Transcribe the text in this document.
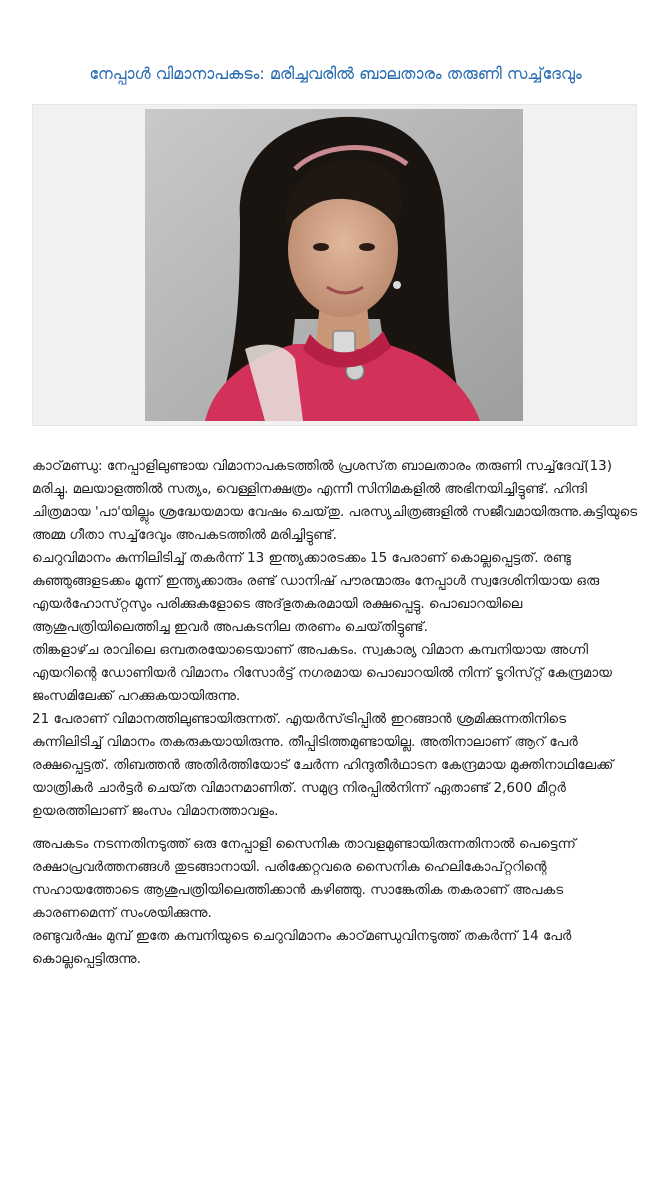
നേപ്പാള്‍ വിമാനാപകടം: മരിച്ചവരില്‍ ബാലതാരം തരുണി സച്ച്‌ദേവും

കാഠ്‌മണ്ഡു: നേപ്പാളിലുണ്ടായ വിമാനാപകടത്തില്‍ പ്രശസ്‌ത ബാലതാരം തരുണി സച്ച്‌ദേവ്‌(13) മരിച്ചു. മലയാളത്തില്‍ സത്യം, വെള്ളിനക്ഷത്രം എന്നീ സിനിമകളില്‍ അഭിനയിച്ചിട്ടുണ്ട്‌. ഹിന്ദി ചിത്രമായ 'പാ'യില്ലും ശ്രദ്ധേയമായ വേഷം ചെയ്‌തു. പരസ്യചിത്രങ്ങളില്‍ സജീവമായിരുന്നു.കുട്ടിയുടെ അമ്മ ഗീതാ സച്ച്‌ദേവും അപകടത്തില്‍ മരിച്ചിട്ടുണ്ട്‌.

ചെറുവിമാനം കുന്നിലിടിച്ച്‌ തകര്‍ന്ന്‌ 13 ഇന്ത്യക്കാരടക്കം 15 പേരാണ്‌ കൊല്ലപ്പെട്ടത്‌. രണ്ടു കുഞ്ഞുങ്ങളടക്കം മൂന്ന്‌ ഇന്ത്യക്കാരും രണ്ട്‌ ഡാനിഷ്‌ പൗരന്മാരും നേപ്പാള്‍ സ്വദേശിനിയായ ഒരു എയര്‍ഹോസ്‌റ്റസും പരിക്കുകളോടെ അദ്‌ഭുതകരമായി രക്ഷപ്പെട്ടു. പൊഖാറയിലെ ആശുപത്രിയിലെത്തിച്ച ഇവര്‍ അപകടനില തരണം ചെയ്‌തിട്ടുണ്ട്‌.

തിങ്കളാഴ്‌ച രാവിലെ ഒമ്പതരയോടെയാണ്‌ അപകടം. സ്വകാര്യ വിമാന കമ്പനിയായ അഗ്നി എയറിന്റെ ഡോണിയര്‍ വിമാനം റിസോര്‍ട്ട്‌ നഗരമായ പൊഖാറയില്‍ നിന്ന്‌ ടൂറിസ്‌റ്റ്‌ കേന്ദ്രമായ ജംസമിലേക്ക്‌ പറക്കുകയായിരുന്നു.

21 പേരാണ്‌ വിമാനത്തിലുണ്ടായിരുന്നത്‌. എയര്‍സ്‌ട്രിപ്പില്‍ ഇറങ്ങാന്‍ ശ്രമിക്കുന്നതിനിടെ കുന്നിലിടിച്ച്‌ വിമാനം തകരുകയായിരുന്നു. തീപ്പിടിത്തമുണ്ടായില്ല. അതിനാലാണ്‌ ആറ്‌ പേര്‍ രക്ഷപ്പെട്ടത്‌. തിബത്തന്‍ അതിര്‍ത്തിയോട്‌ ചേര്‍ന്ന ഹിന്ദുതീര്‍ഥാടന കേന്ദ്രമായ മുക്തിനാഥിലേക്ക്‌ യാത്രികര്‍ ചാര്‍ട്ടര്‍ ചെയ്‌ത വിമാനമാണിത്‌. സമുദ്ര നിരപ്പില്‍നിന്ന്‌ ഏതാണ്ട്‌ 2,600 മീറ്റര്‍ ഉയരത്തിലാണ്‌ ജംസം വിമാനത്താവളം.

അപകടം നടന്നതിനടുത്ത്‌ ഒരു നേപ്പാളി സൈനിക താവളമുണ്ടായിരുന്നതിനാല്‍ പെട്ടെന്ന്‌ രക്ഷാപ്രവര്‍ത്തനങ്ങള്‍ തുടങ്ങാനായി. പരിക്കേറ്റവരെ സൈനിക ഹെലികോപ്‌റ്ററിന്റെ സഹായത്തോടെ ആശുപത്രിയിലെത്തിക്കാന്‍ കഴിഞ്ഞു. സാങ്കേതിക തകരാണ്‌ അപകട കാരണമെന്ന്‌ സംശയിക്കുന്നു.

രണ്ടുവര്‍ഷം മുമ്പ്‌ ഇതേ കമ്പനിയുടെ ചെറുവിമാനം കാഠ്‌മണ്ഡുവിനടുത്ത്‌ തകര്‍ന്ന്‌ 14 പേര്‍ കൊല്ലപ്പെട്ടിരുന്നു.
